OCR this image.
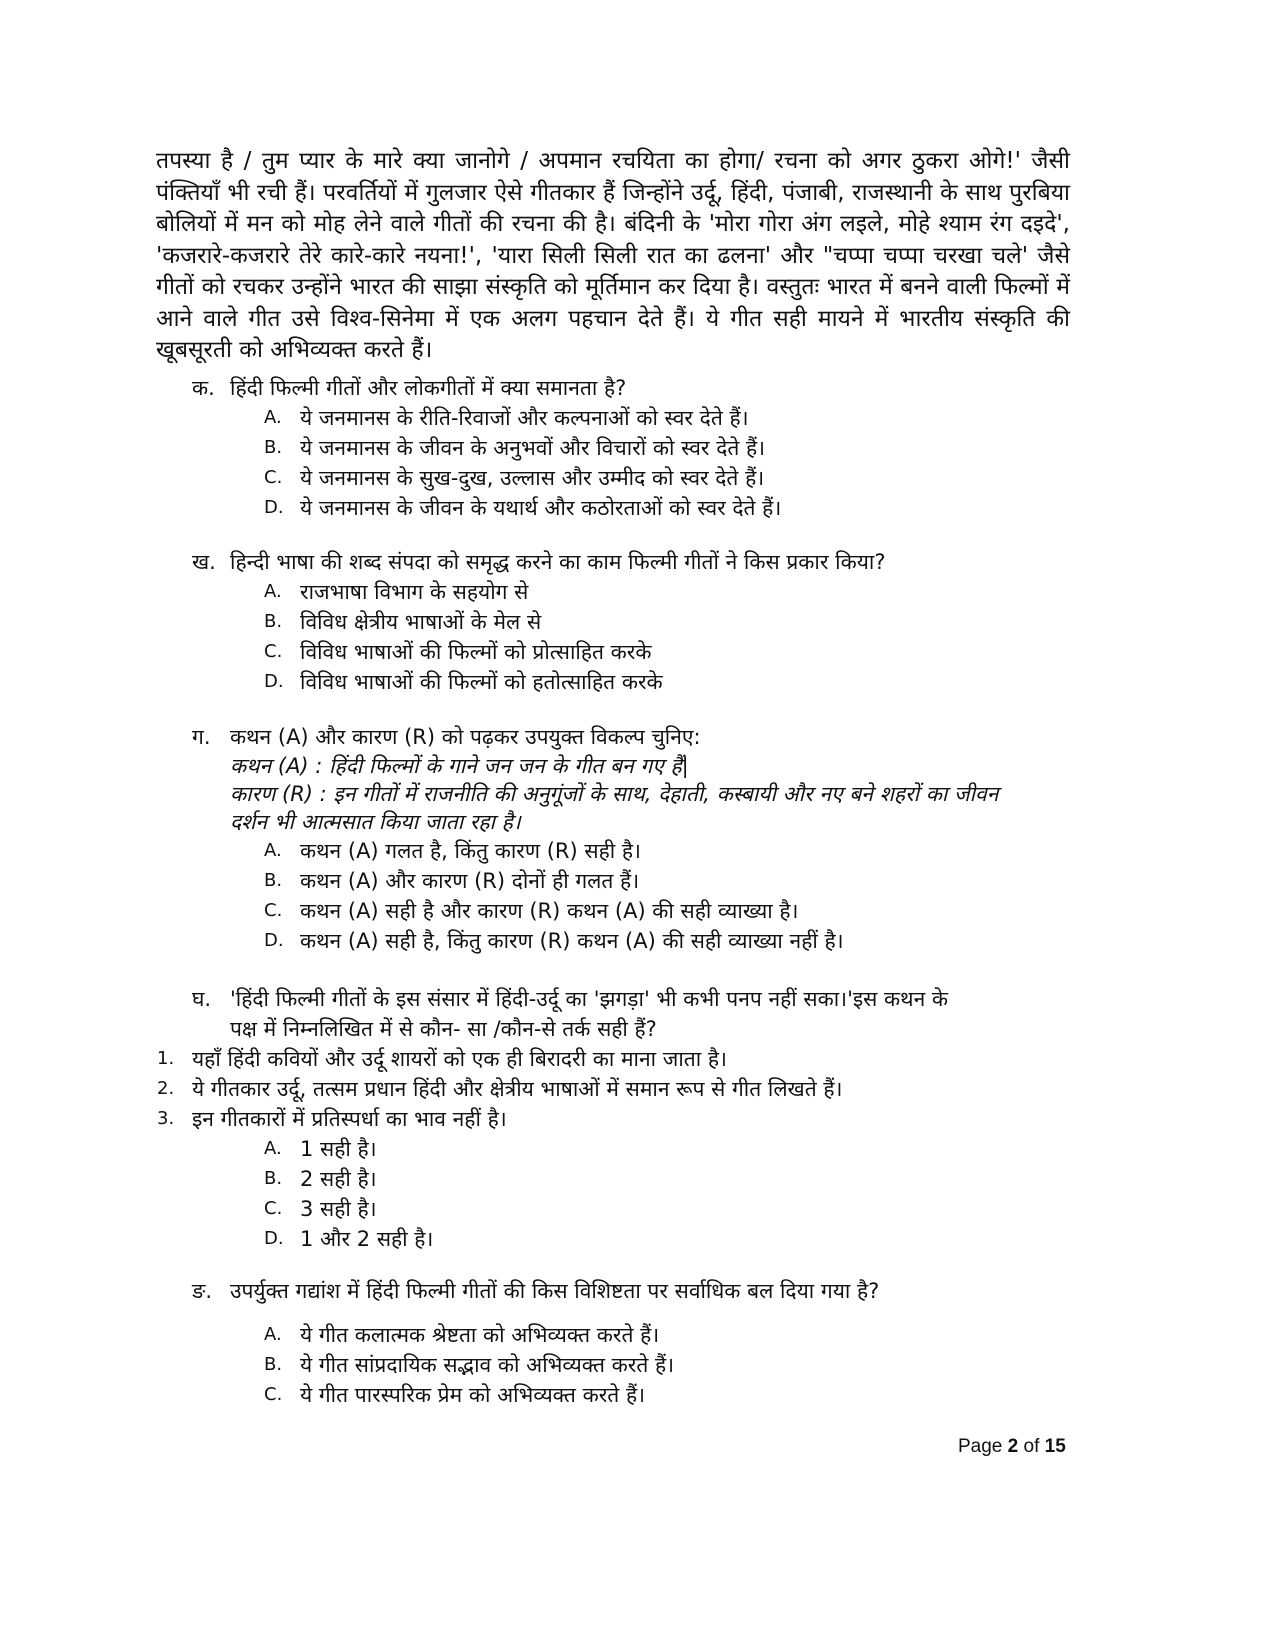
तपस्या है / तुम प्यार के मारे क्या जानोगे / अपमान रचयिता का होगा/ रचना को अगर ठुकरा ओगे!' जैसी पंक्तियाँ भी रची हैं। परवर्तियों में गुलजार ऐसे गीतकार हैं जिन्होंने उर्दू, हिंदी, पंजाबी, राजस्थानी के साथ पुरबिया बोलियों में मन को मोह लेने वाले गीतों की रचना की है। बंदिनी के 'मोरा गोरा अंग लइले, मोहे श्याम रंग दइदे', 'कजरारे-कजरारे तेरे कारे-कारे नयना!', 'यारा सिली सिली रात का ढलना' और "चप्पा चप्पा चरखा चले' जैसे गीतों को रचकर उन्होंने भारत की साझा संस्कृति को मूर्तिमान कर दिया है। वस्तुतः भारत में बनने वाली फिल्मों में आने वाले गीत उसे विश्व-सिनेमा में एक अलग पहचान देते हैं। ये गीत सही मायने में भारतीय संस्कृति की खूबसूरती को अभिव्यक्त करते हैं।

क. हिंदी फिल्मी गीतों और लोकगीतों में क्या समानता है?
A. ये जनमानस के रीति-रिवाजों और कल्पनाओं को स्वर देते हैं।
B. ये जनमानस के जीवन के अनुभवों और विचारों को स्वर देते हैं।
C. ये जनमानस के सुख-दुख, उल्लास और उम्मीद को स्वर देते हैं।
D. ये जनमानस के जीवन के यथार्थ और कठोरताओं को स्वर देते हैं।
ख. हिन्दी भाषा की शब्द संपदा को समृद्ध करने का काम फिल्मी गीतों ने किस प्रकार किया?
A. राजभाषा विभाग के सहयोग से
B. विविध क्षेत्रीय भाषाओं के मेल से
C. विविध भाषाओं की फिल्मों को प्रोत्साहित करके
D. विविध भाषाओं की फिल्मों को हतोत्साहित करके
ग. कथन (A) और कारण (R) को पढ़कर उपयुक्त विकल्प चुनिए:
कथन (A) : हिंदी फिल्मों के गाने जन जन के गीत बन गए हैं|
कारण (R) : इन गीतों में राजनीति की अनुगूंजों के साथ, देहाती, कस्बायी और नए बने शहरों का जीवन दर्शन भी आत्मसात किया जाता रहा है।
A. कथन (A) गलत है, किंतु कारण (R) सही है।
B. कथन (A) और कारण (R) दोनों ही गलत हैं।
C. कथन (A) सही है और कारण (R) कथन (A) की सही व्याख्या है।
D. कथन (A) सही है, किंतु कारण (R) कथन (A) की सही व्याख्या नहीं है।
घ. 'हिंदी फिल्मी गीतों के इस संसार में हिंदी-उर्दू का 'झगड़ा' भी कभी पनप नहीं सका।'इस कथन के
पक्ष में निम्नलिखित में से कौन- सा /कौन-से तर्क सही हैं?
1. यहाँ हिंदी कवियों और उर्दू शायरों को एक ही बिरादरी का माना जाता है।
2. ये गीतकार उर्दू, तत्सम प्रधान हिंदी और क्षेत्रीय भाषाओं में समान रूप से गीत लिखते हैं।
3. इन गीतकारों में प्रतिस्पर्धा का भाव नहीं है।
A. 1 सही है।
B. 2 सही है।
C. 3 सही है।
D. 1 और 2 सही है।
ङ. उपर्युक्त गद्यांश में हिंदी फिल्मी गीतों की किस विशिष्टता पर सर्वाधिक बल दिया गया है?
A. ये गीत कलात्मक श्रेष्टता को अभिव्यक्त करते हैं।
B. ये गीत सांप्रदायिक सद्भाव को अभिव्यक्त करते हैं।
C. ये गीत पारस्परिक प्रेम को अभिव्यक्त करते हैं।
Page 2 of 15
